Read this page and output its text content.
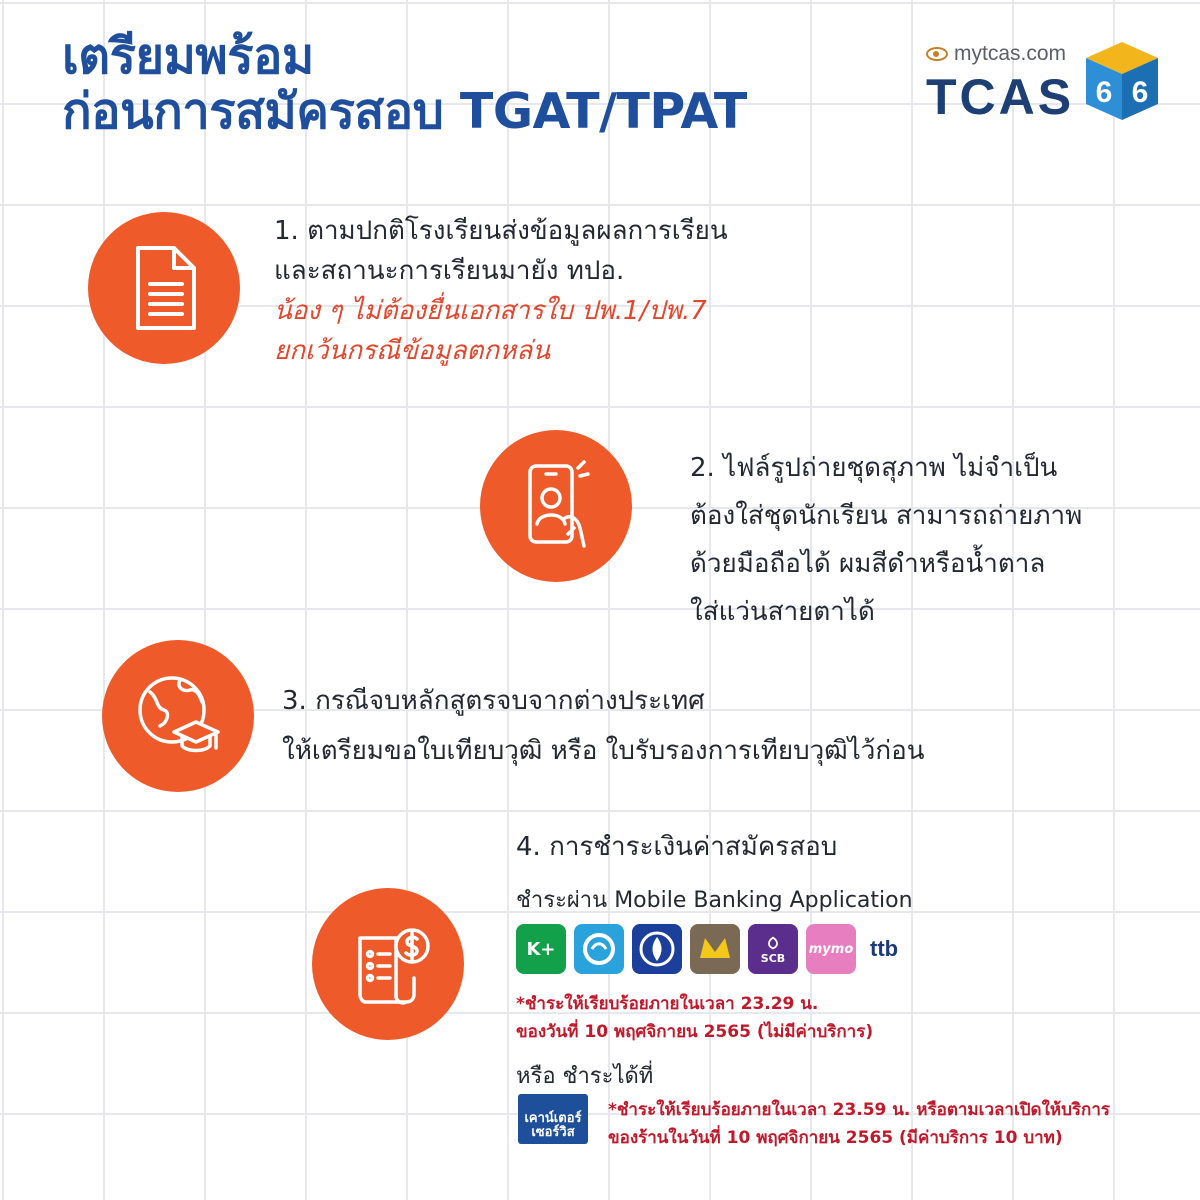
เตรียมพร้อม
ก่อนการสมัครสอบ TGAT/TPAT
mytcas.com
TCAS 6 6
1. ตามปกติโรงเรียนส่งข้อมูลผลการเรียน
และสถานะการเรียนมายัง ทปอ.
น้อง ๆ ไม่ต้องยื่นเอกสารใบ ปพ.1/ปพ.7
ยกเว้นกรณีข้อมูลตกหล่น
2. ไฟล์รูปถ่ายชุดสุภาพ ไม่จำเป็น
ต้องใส่ชุดนักเรียน สามารถถ่ายภาพ
ด้วยมือถือได้ ผมสีดำหรือน้ำตาล
ใส่แว่นสายตาได้
3. กรณีจบหลักสูตรจบจากต่างประเทศ
ให้เตรียมขอใบเทียบวุฒิ หรือ ใบรับรองการเทียบวุฒิไว้ก่อน
4. การชำระเงินค่าสมัครสอบ
ชำระผ่าน Mobile Banking Application
K+	SCB
mymo ttb
*ชำระให้เรียบร้อยภายในเวลา 23.29 น.
ของวันที่ 10 พฤศจิกายน 2565 (ไม่มีค่าบริการ)
หรือ ชำระได้ที่
เคาน์เตอร์เซอร์วิส
*ชำระให้เรียบร้อยภายในเวลา 23.59 น. หรือตามเวลาเปิดให้บริการ
ของร้านในวันที่ 10 พฤศจิกายน 2565 (มีค่าบริการ 10 บาท)
